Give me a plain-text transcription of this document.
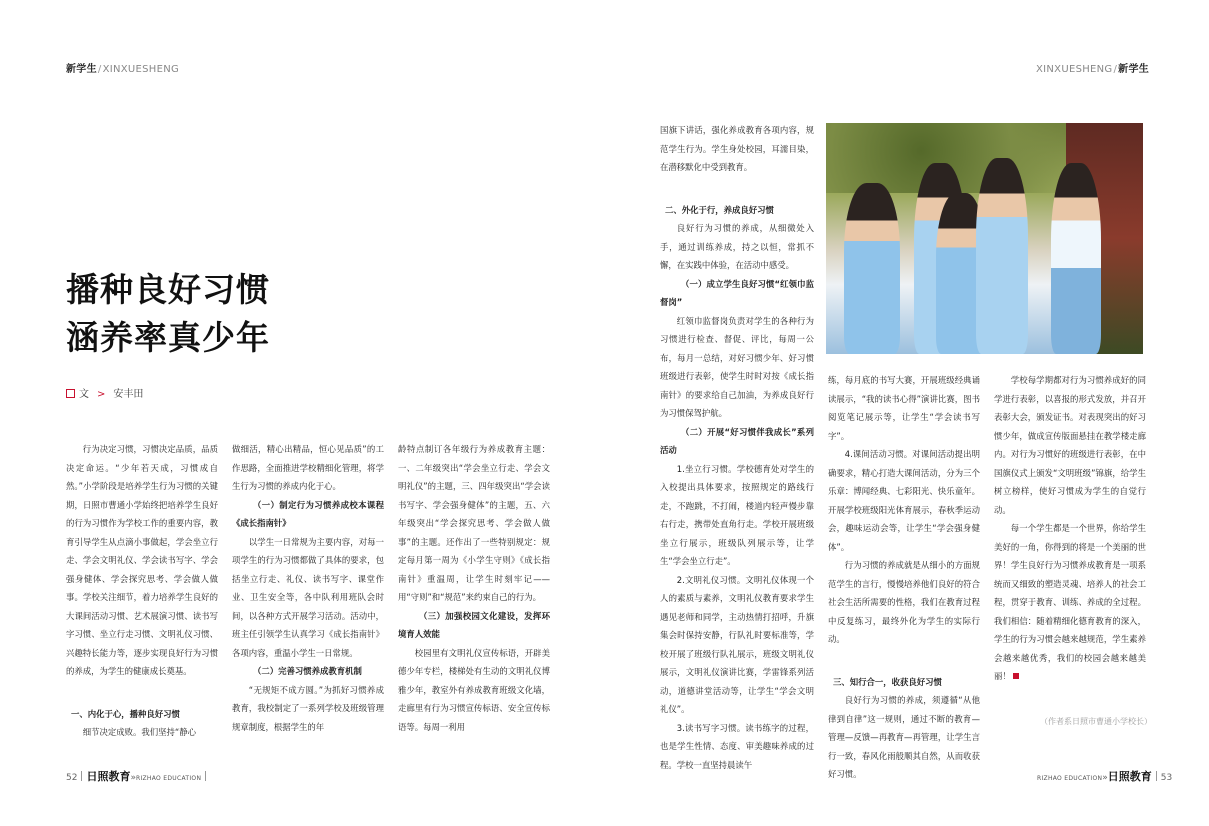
新学生/XINXUESHENG	XINXUESHENG/新学生
播种良好习惯
涵养率真少年
文 > 安丰田

行为决定习惯，习惯决定品质，品质决定命运。“少年若天成，习惯成自然。”小学阶段是培养学生行为习惯的关键期，日照市曹通小学始终把培养学生良好的行为习惯作为学校工作的重要内容，教育引导学生从点滴小事做起，学会坐立行走、学会文明礼仪、学会读书写字、学会强身健体、学会探究思考、学会做人做事。学校关注细节，着力培养学生良好的大课间活动习惯、艺术展演习惯、读书写字习惯、坐立行走习惯、文明礼仪习惯、兴趣特长能力等，逐步实现良好行为习惯的养成，为学生的健康成长奠基。

一、内化于心，播种良好习惯

细节决定成败。我们坚持“静心

做细活，精心出精品，恒心见品质”的工作思路，全面推进学校精细化管理，将学生行为习惯的养成内化于心。

（一）制定行为习惯养成校本课程《成长指南针》

以学生一日常规为主要内容，对每一项学生的行为习惯都做了具体的要求，包括坐立行走、礼仪、读书写字、课堂作业、卫生安全等，各中队利用班队会时间，以各种方式开展学习活动。活动中，班主任引领学生认真学习《成长指南针》各项内容，重温小学生一日常规。

（二）完善习惯养成教育机制

“无规矩不成方圆。”为抓好习惯养成教育，我校制定了一系列学校及班级管理规章制度，根据学生的年

龄特点制订各年级行为养成教育主题：一、二年级突出“学会坐立行走、学会文明礼仪”的主题，三、四年级突出“学会读书写字、学会强身健体”的主题，五、六年级突出“学会探究思考、学会做人做事”的主题。还作出了一些特别规定：规定每月第一周为《小学生守则》《成长指南针》重温周，让学生时刻牢记——用“守则”和“规范”来约束自己的行为。

（三）加强校园文化建设，发挥环境育人效能

校园里有文明礼仪宣传标语，开辟美德少年专栏，楼梯处有生动的文明礼仪博雅少年，教室外有养成教育班级文化墙，走廊里有行为习惯宣传标语、安全宣传标语等。每周一利用

国旗下讲话，强化养成教育各项内容，规范学生行为。学生身处校园，耳濡目染，在潜移默化中受到教育。

二、外化于行，养成良好习惯

良好行为习惯的养成，从细微处入手，通过训练养成，持之以恒，常抓不懈，在实践中体验，在活动中感受。

（一）成立学生良好习惯“红领巾监督岗”

红领巾监督岗负责对学生的各种行为习惯进行检查、督促、评比，每周一公布，每月一总结，对好习惯少年、好习惯班级进行表彰，使学生时时对按《成长指南针》的要求给自己加油，为养成良好行为习惯保驾护航。

（二）开展“好习惯伴我成长”系列活动

1.坐立行习惯。学校德育处对学生的入校提出具体要求，按照规定的路线行走，不跑跳，不打闹，楼道内轻声慢步靠右行走，携带处直角行走。学校开展班级坐立行展示，班级队列展示等，让学生“学会坐立行走”。

2.文明礼仪习惯。文明礼仪体现一个人的素质与素养，文明礼仪教育要求学生遇见老师和同学，主动热情打招呼，升旗集会时保持安静，行队礼时要标准等，学校开展了班级行队礼展示，班级文明礼仪展示，文明礼仪演讲比赛，学雷锋系列活动，道德讲堂活动等，让学生“学会文明礼仪”。

3.读书写字习惯。读书练字的过程，也是学生性情、态度、审美趣味养成的过程。学校一直坚持晨读午

练，每月底的书写大赛，开展班级经典诵读展示，“我的读书心得”演讲比赛，图书阅览笔记展示等，让学生“学会读书写字”。

4.课间活动习惯。对课间活动提出明确要求，精心打造大课间活动，分为三个乐章：博闻经典、七彩阳光、快乐童年。开展学校班级阳光体育展示，春秋季运动会，趣味运动会等，让学生“学会强身健体”。

行为习惯的养成就是从细小的方面规范学生的言行，慢慢培养他们良好的符合社会生活所需要的性格，我们在教育过程中反复练习，最终外化为学生的实际行动。

三、知行合一，收获良好习惯

良好行为习惯的养成，须遵循“从他律到自律”这一规则，通过不断的教育—管理—反馈—再教育—再管理，让学生言行一致，春风化雨般顺其自然，从而收获好习惯。

学校每学期都对行为习惯养成好的同学进行表彰，以喜报的形式发放，并召开表彰大会，颁发证书。对表现突出的好习惯少年，做成宣传版面悬挂在教学楼走廊内。对行为习惯好的班级进行表彰，在中国旗仪式上颁发“文明班级”锦旗，给学生树立榜样，使好习惯成为学生的自觉行动。

每一个学生都是一个世界，你给学生美好的一角，你得到的将是一个美丽的世界！学生良好行为习惯养成教育是一项系统而又细致的塑造灵魂、培养人的社会工程，贯穿于教育、训练、养成的全过程。我们相信：随着精细化德育教育的深入，学生的行为习惯会越来越规范，学生素养会越来越优秀，我们的校园会越来越美丽！

（作者系日照市曹通小学校长）
52 日照教育»RIZHAO EDUCATION	RIZHAO EDUCATION»日照教育 53
